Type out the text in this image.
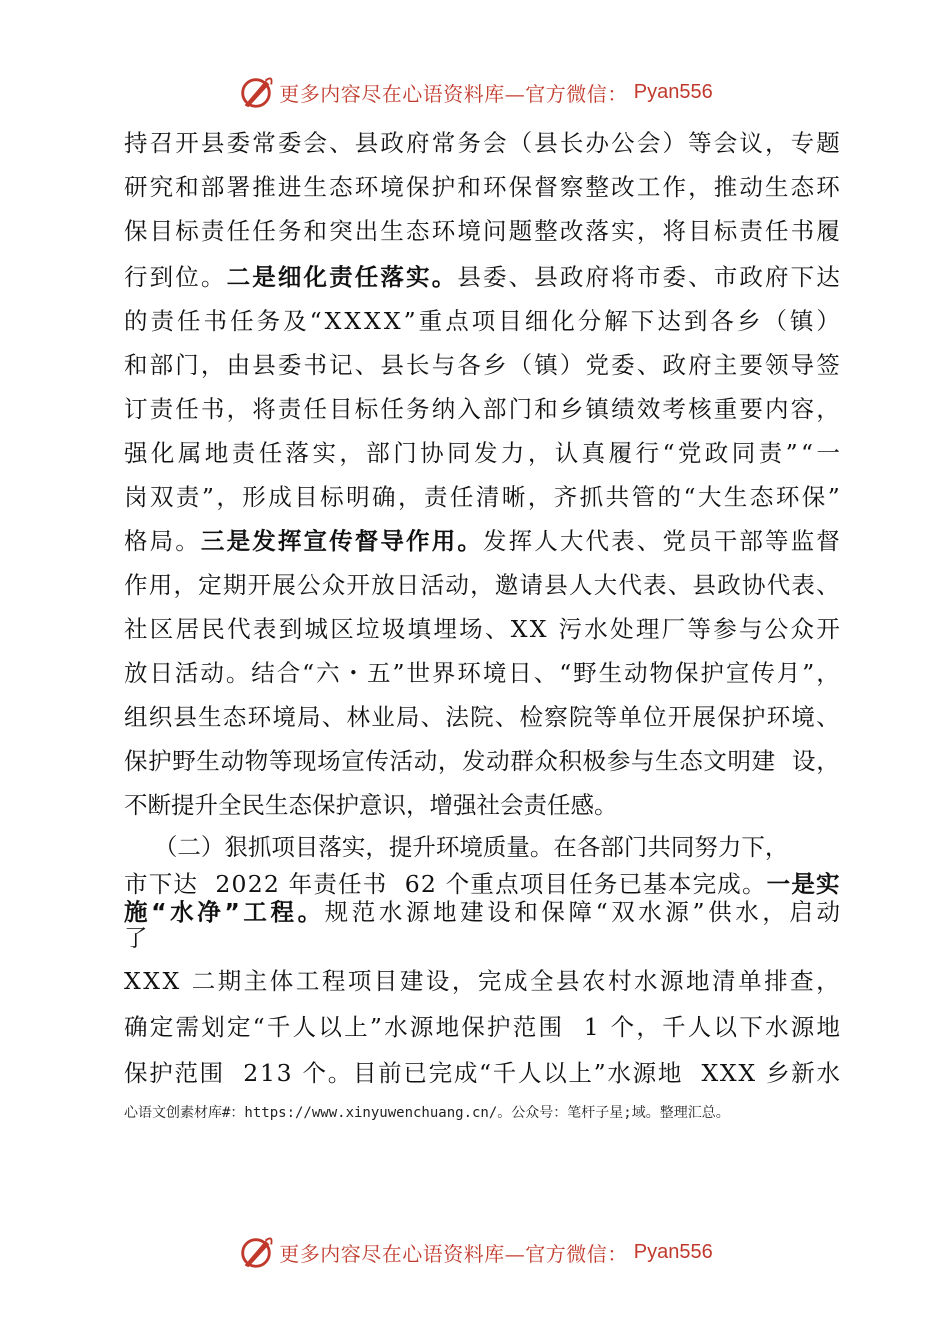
更多内容尽在心语资料库—官方微信： Pyan556
持 召 开 县 委 常 委 会 、 县 政 府 常 务 会 （ 县 长 办 公 会 ） 等 会 议 ， 专 题
研 究 和 部 署 推 进 生 态 环 境 保 护 和 环 保 督 察 整 改 工 作 ， 推 动 生 态 环
保 目 标 责 任 任 务 和 突 出 生 态 环 境 问 题 整 改 落 实 ， 将 目 标 责 任 书 履
行 到 位 。 二 是 细 化 责 任 落 实 。 县 委 、 县 政 府 将 市 委 、 市 政 府 下 达
的 责 任 书 任 务 及 “ X X X X ” 重 点 项 目 细 化 分 解 下 达 到 各 乡 （ 镇 ）
和 部 门 ， 由 县 委 书 记 、 县 长 与 各 乡 （ 镇 ） 党 委 、 政 府 主 要 领 导 签
订 责 任 书 ， 将 责 任 目 标 任 务 纳 入 部 门 和 乡 镇 绩 效 考 核 重 要 内 容 ，
强 化 属 地 责 任 落 实 ， 部 门 协 同 发 力 ， 认 真 履 行 “ 党 政 同 责 ” “ 一
岗 双 责 ” ， 形 成 目 标 明 确 ， 责 任 清 晰 ， 齐 抓 共 管 的 “ 大 生 态 环 保 ”
格 局 。 三 是 发 挥 宣 传 督 导 作 用 。 发 挥 人 大 代 表 、 党 员 干 部 等 监 督
作 用 ， 定 期 开 展 公 众 开 放 日 活 动 ， 邀 请 县 人 大 代 表 、 县 政 协 代 表 、
社 区 居 民 代 表 到 城 区 垃 圾 填 埋 场 、 X X
污 水 处 理 厂 等 参 与 公 众 开
放 日 活 动 。 结 合 “ 六 ・ 五 ” 世 界 环 境 日 、 “ 野 生 动 物 保 护 宣 传 月 ” ，
组 织 县 生 态 环 境 局 、 林 业 局 、 法 院 、 检 察 院 等 单 位 开 展 保 护 环 境 、
保 护 野 生 动 物 等 现 场 宣 传 活 动 ， 发 动 群 众 积 极 参 与 生 态 文 明 建

设 ，
不断提升全民生态保护意识，增强社会责任感。
（二）狠抓项目落实，提升环境质量。在各部门共同努力下，
市 下 达

2 0 2 2
年 责 任 书

6 2
个 重 点 项 目 任 务 已 基 本 完 成 。 一 是 实
施 “ 水 净 ” 工 程 。 规 范 水 源 地 建 设 和 保 障 “ 双 水 源 ” 供 水 ， 启 动
了
X X X
二 期 主 体 工 程 项 目 建 设 ， 完 成 全 县 农 村 水 源 地 清 单 排 查 ，
确 定 需 划 定 “ 千 人 以 上 ” 水 源 地 保 护 范 围

1
个 ， 千 人 以 下 水 源 地
保 护 范 围

2 1 3
个 。 目 前 已 完 成 “ 千 人 以 上 ” 水 源 地

X X X
乡 新 水
心语文创素材库#：https://www.xinyuwenchuang.cn/。公众号：笔杆子星;域。整理汇总。
更多内容尽在心语资料库—官方微信： Pyan556
